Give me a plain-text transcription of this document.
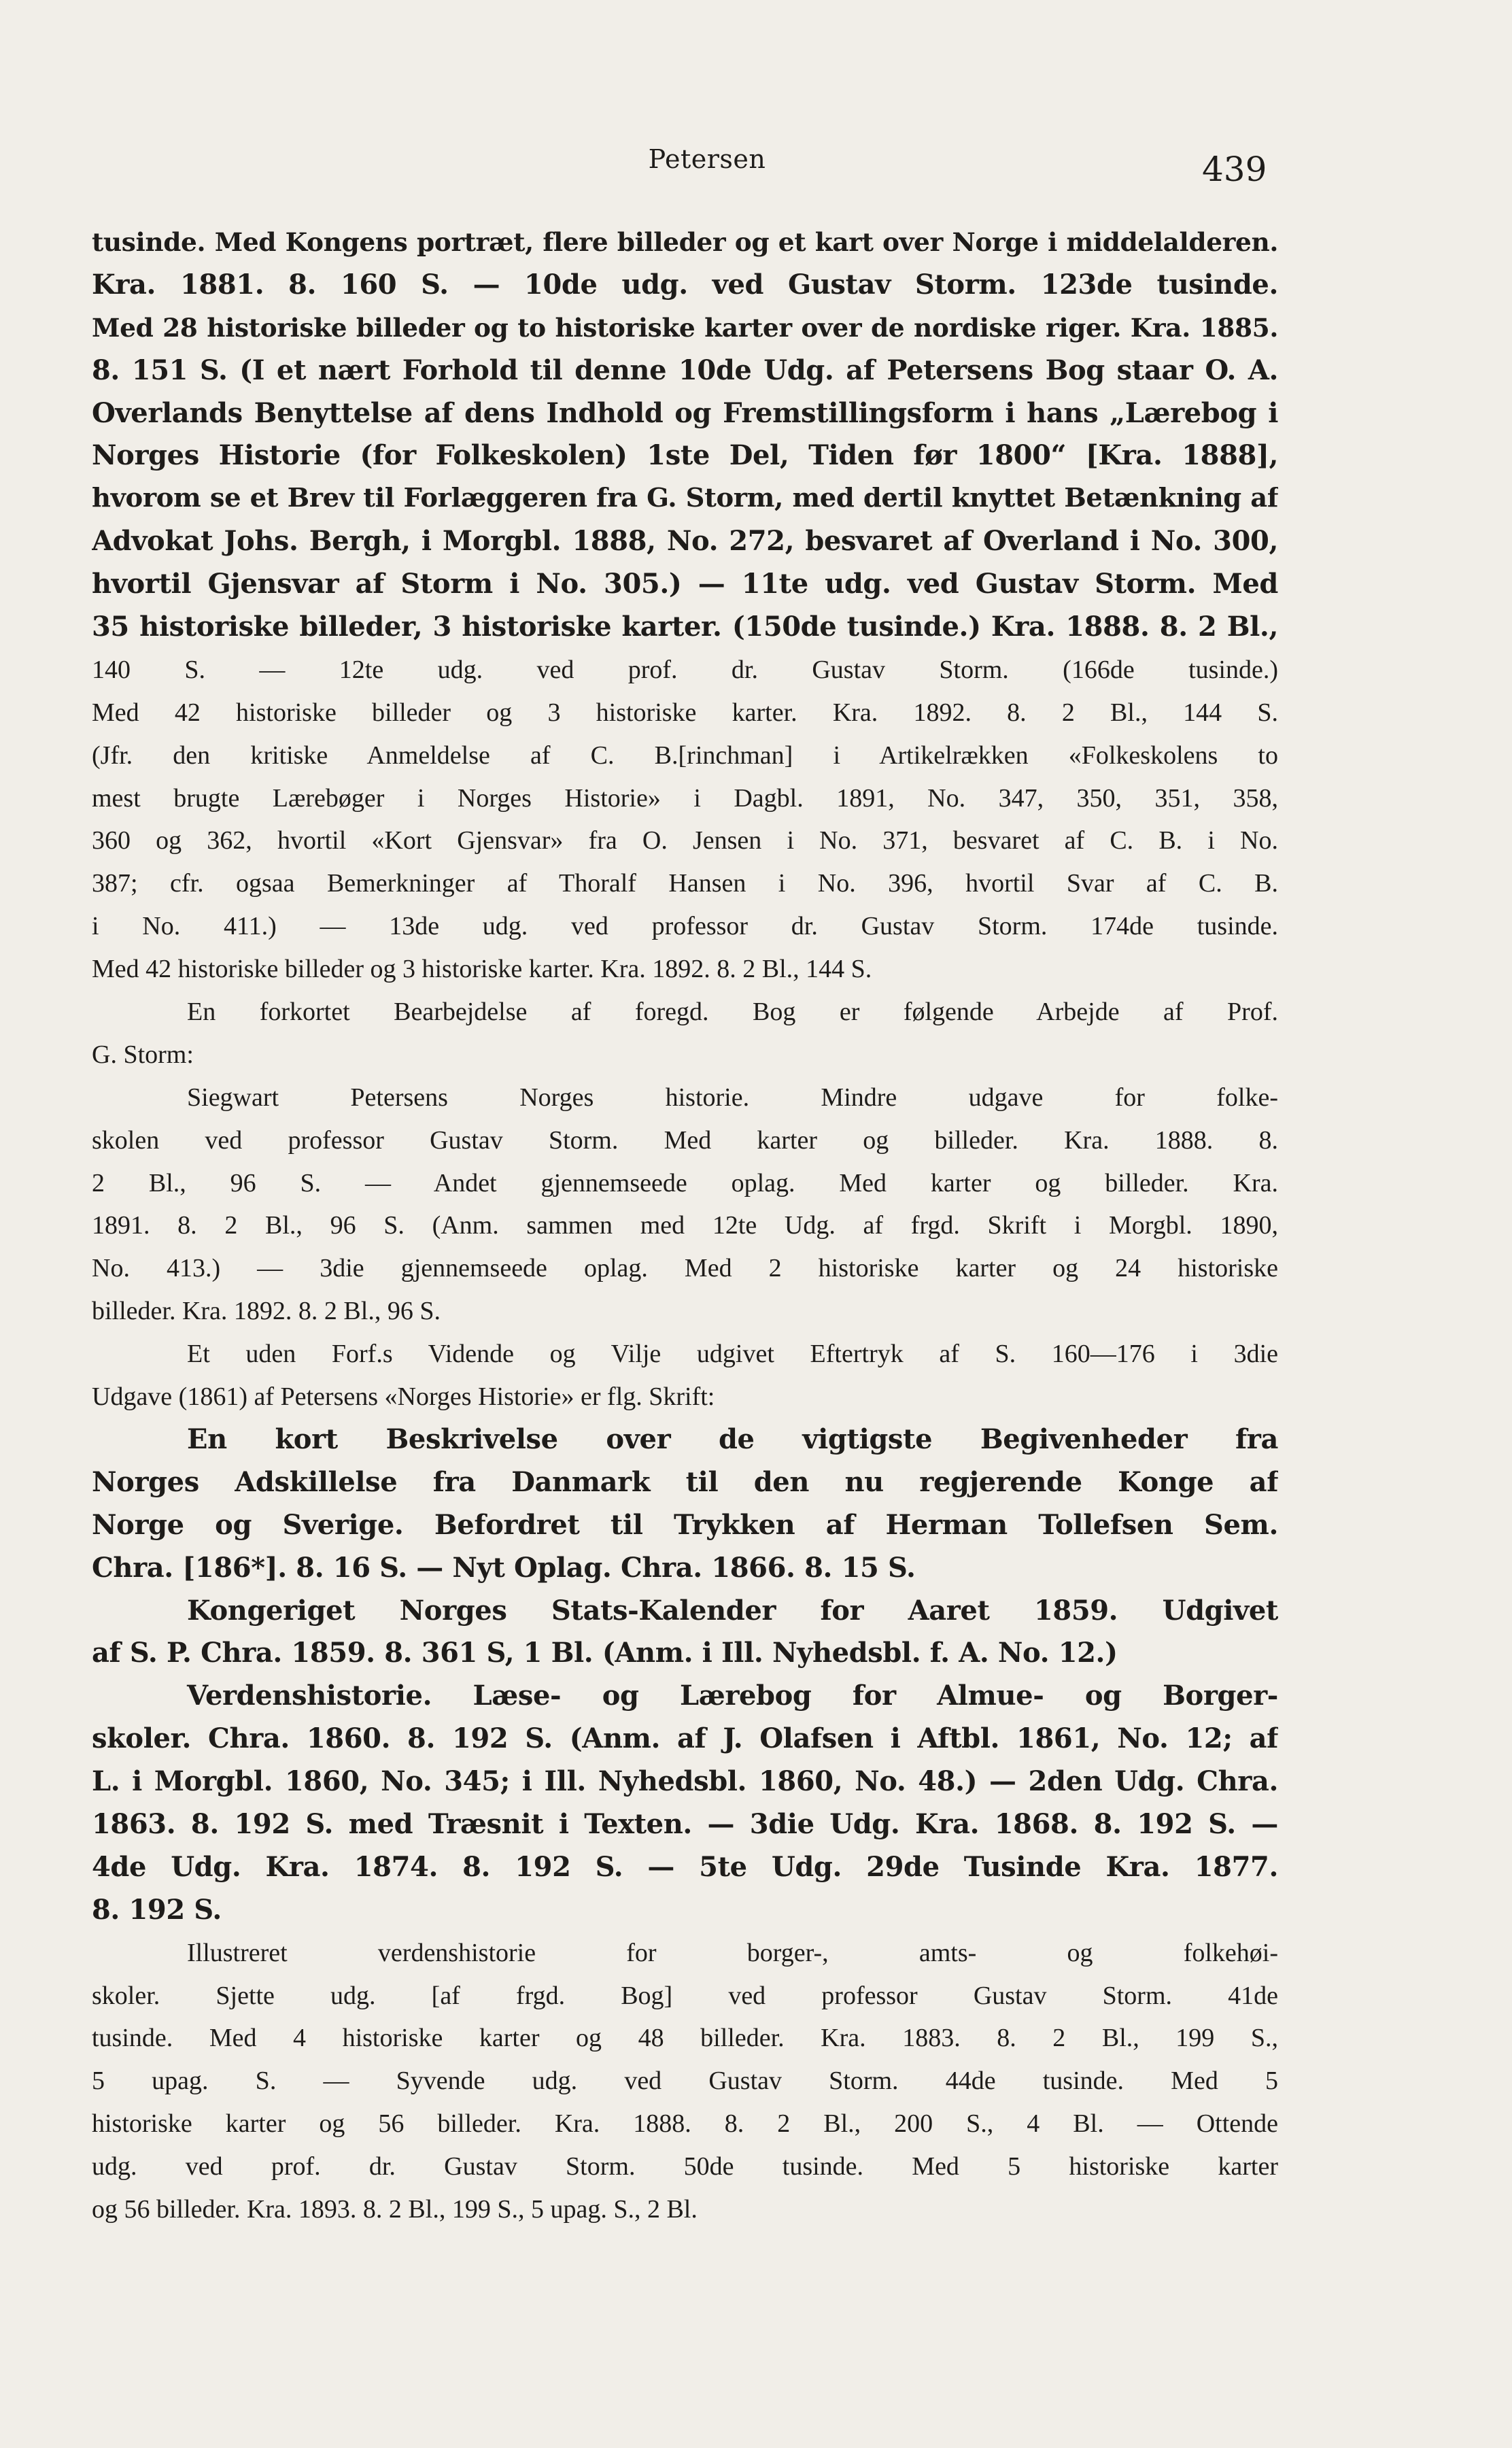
Petersen	439
tusinde. Med Kongens portræt, flere billeder og et kart over Norge i middelalderen.
Kra. 1881. 8. 160 S. — 10de udg. ved Gustav Storm. 123de tusinde.
Med 28 historiske billeder og to historiske karter over de nordiske riger. Kra. 1885.
8. 151 S. (I et nært Forhold til denne 10de Udg. af Petersens Bog staar O. A.
Overlands Benyttelse af dens Indhold og Fremstillingsform i hans „Lærebog i
Norges Historie (for Folkeskolen) 1ste Del, Tiden før 1800“ [Kra. 1888],
hvorom se et Brev til Forlæggeren fra G. Storm, med dertil knyttet Betænkning af
Advokat Johs. Bergh, i Morgbl. 1888, No. 272, besvaret af Overland i No. 300,
hvortil Gjensvar af Storm i No. 305.) — 11te udg. ved Gustav Storm. Med
35 historiske billeder, 3 historiske karter. (150de tusinde.) Kra. 1888. 8. 2 Bl.,
140 S. — 12te udg. ved prof. dr. Gustav Storm. (166de tusinde.)
Med 42 historiske billeder og 3 historiske karter. Kra. 1892. 8. 2 Bl., 144 S.
(Jfr. den kritiske Anmeldelse af C. B.[rinchman] i Artikelrækken «Folkeskolens to
mest brugte Lærebøger i Norges Historie» i Dagbl. 1891, No. 347, 350, 351, 358,
360 og 362, hvortil «Kort Gjensvar» fra O. Jensen i No. 371, besvaret af C. B. i No.
387; cfr. ogsaa Bemerkninger af Thoralf Hansen i No. 396, hvortil Svar af C. B.
i No. 411.) — 13de udg. ved professor dr. Gustav Storm. 174de tusinde.
Med 42 historiske billeder og 3 historiske karter. Kra. 1892. 8. 2 Bl., 144 S.
En forkortet Bearbejdelse af foregd. Bog er følgende Arbejde af Prof.
G. Storm:
Siegwart Petersens Norges historie. Mindre udgave for folke-
skolen ved professor Gustav Storm. Med karter og billeder. Kra. 1888. 8.
2 Bl., 96 S. — Andet gjennemseede oplag. Med karter og billeder. Kra.
1891. 8. 2 Bl., 96 S. (Anm. sammen med 12te Udg. af frgd. Skrift i Morgbl. 1890,
No. 413.) — 3die gjennemseede oplag. Med 2 historiske karter og 24 historiske
billeder. Kra. 1892. 8. 2 Bl., 96 S.
Et uden Forf.s Vidende og Vilje udgivet Eftertryk af S. 160—176 i 3die
Udgave (1861) af Petersens «Norges Historie» er flg. Skrift:
En kort Beskrivelse over de vigtigste Begivenheder fra
Norges Adskillelse fra Danmark til den nu regjerende Konge af
Norge og Sverige. Befordret til Trykken af Herman Tollefsen Sem.
Chra. [186*]. 8. 16 S. — Nyt Oplag. Chra. 1866. 8. 15 S.
Kongeriget Norges Stats-Kalender for Aaret 1859. Udgivet
af S. P. Chra. 1859. 8. 361 S, 1 Bl. (Anm. i Ill. Nyhedsbl. f. A. No. 12.)
Verdenshistorie. Læse- og Lærebog for Almue- og Borger-
skoler. Chra. 1860. 8. 192 S. (Anm. af J. Olafsen i Aftbl. 1861, No. 12; af
L. i Morgbl. 1860, No. 345; i Ill. Nyhedsbl. 1860, No. 48.) — 2den Udg. Chra.
1863. 8. 192 S. med Træsnit i Texten. — 3die Udg. Kra. 1868. 8. 192 S. —
4de Udg. Kra. 1874. 8. 192 S. — 5te Udg. 29de Tusinde Kra. 1877.
8. 192 S.
Illustreret verdenshistorie for borger-, amts- og folkehøi-
skoler. Sjette udg. [af frgd. Bog] ved professor Gustav Storm. 41de
tusinde. Med 4 historiske karter og 48 billeder. Kra. 1883. 8. 2 Bl., 199 S.,
5 upag. S. — Syvende udg. ved Gustav Storm. 44de tusinde. Med 5
historiske karter og 56 billeder. Kra. 1888. 8. 2 Bl., 200 S., 4 Bl. — Ottende
udg. ved prof. dr. Gustav Storm. 50de tusinde. Med 5 historiske karter
og 56 billeder. Kra. 1893. 8. 2 Bl., 199 S., 5 upag. S., 2 Bl.
